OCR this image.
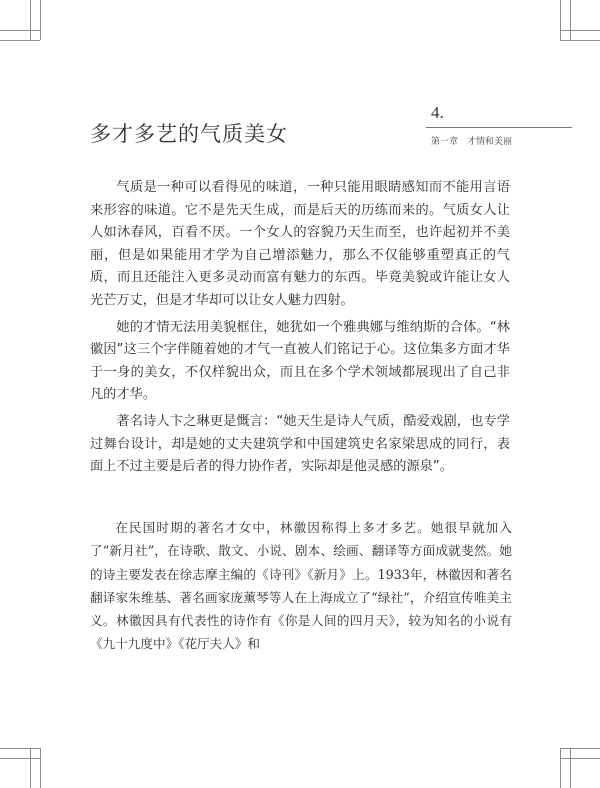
4.
第一章　才情和美丽
多才多艺的气质美女

气质是一种可以看得见的味道，一种只能用眼睛感知而不能用言语来形容的味道。它不是先天生成，而是后天的历练而来的。气质女人让人如沐春风，百看不厌。一个女人的容貌乃天生而至，也许起初并不美丽，但是如果能用才学为自己增添魅力，那么不仅能够重塑真正的气质，而且还能注入更多灵动而富有魅力的东西。毕竟美貌或许能让女人光芒万丈，但是才华却可以让女人魅力四射。

她的才情无法用美貌框住，她犹如一个雅典娜与维纳斯的合体。“林徽因”这三个字伴随着她的才气一直被人们铭记于心。这位集多方面才华于一身的美女，不仅样貌出众，而且在多个学术领域都展现出了自己非凡的才华。

著名诗人卞之琳更是慨言：“她天生是诗人气质，酷爱戏剧，也专学过舞台设计，却是她的丈夫建筑学和中国建筑史名家梁思成的同行，表面上不过主要是后者的得力协作者，实际却是他灵感的源泉”。

在民国时期的著名才女中，林徽因称得上多才多艺。她很早就加入了“新月社”，在诗歌、散文、小说、剧本、绘画、翻译等方面成就斐然。她的诗主要发表在徐志摩主编的《诗刊》《新月》上。1933年，林徽因和著名翻译家朱维基、著名画家庞薰琴等人在上海成立了“绿社”，介绍宣传唯美主义。林徽因具有代表性的诗作有《你是人间的四月天》，较为知名的小说有《九十九度中》《花厅夫人》和
